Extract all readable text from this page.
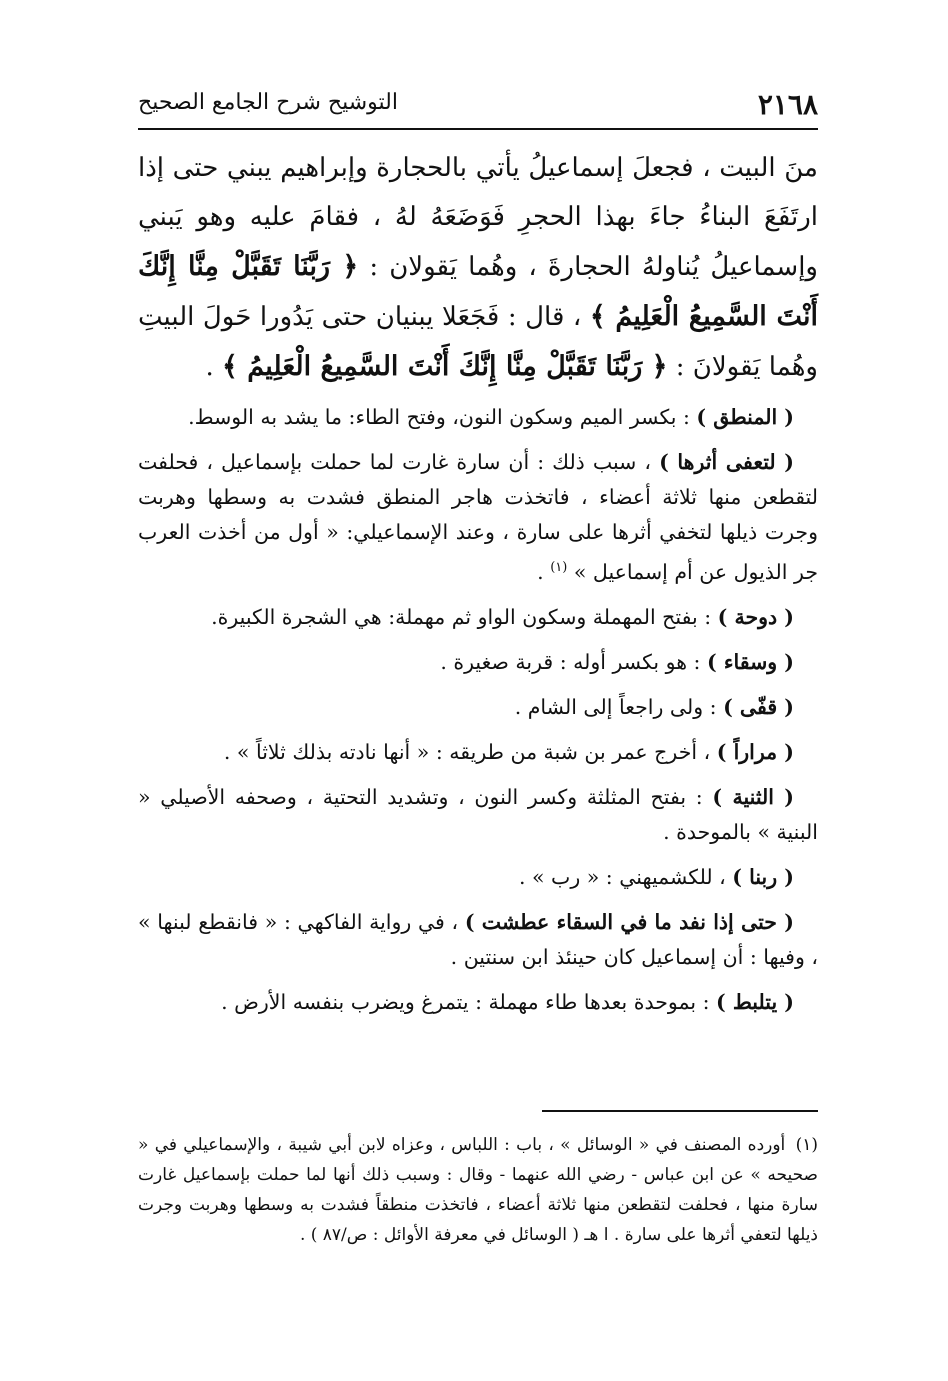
٢١٦٨
التوشيح شرح الجامع الصحيح

منَ البيت ، فجعلَ إسماعيلُ يأتي بالحجارة وإبراهيم يبني حتى إذا ارتَفَعَ البناءُ جاءَ بهذا الحجرِ فَوَضَعَهُ لهُ ، فقامَ عليه وهو يَبني وإسماعيلُ يُناولهُ الحجارةَ ، وهُما يَقولان : ﴿ رَبَّنَا تَقَبَّلْ مِنَّا إِنَّكَ أَنْتَ السَّمِيعُ الْعَلِيمُ ﴾ ، قال : فَجَعَلا يبنيان حتى يَدُورا حَولَ البيتِ وهُما يَقولانَ : ﴿ رَبَّنَا تَقَبَّلْ مِنَّا إِنَّكَ أَنْتَ السَّمِيعُ الْعَلِيمُ ﴾ .

( المنطق ) : بكسر الميم وسكون النون، وفتح الطاء: ما يشد به الوسط.

( لتعفى أثرها ) ، سبب ذلك : أن سارة غارت لما حملت بإسماعيل ، فحلفت لتقطعن منها ثلاثة أعضاء ، فاتخذت هاجر المنطق فشدت به وسطها وهربت وجرت ذيلها لتخفي أثرها على سارة ، وعند الإسماعيلي: « أول من أخذت العرب جر الذيول عن أم إسماعيل » $^{(١)}$ .

( دوحة ) : بفتح المهملة وسكون الواو ثم مهملة: هي الشجرة الكبيرة.

( وسقاء ) : هو بكسر أوله : قربة صغيرة .

( قفّى ) : ولى راجعاً إلى الشام .

( مراراً ) ، أخرج عمر بن شبة من طريقه : « أنها نادته بذلك ثلاثاً » .

( الثنية ) : بفتح المثلثة وكسر النون ، وتشديد التحتية ، وصحفه الأصيلي « البنية » بالموحدة .

( ربنا ) ، للكشميهني : « رب » .

( حتى إذا نفد ما في السقاء عطشت ) ، في رواية الفاكهي : « فانقطع لبنها » ، وفيها : أن إسماعيل كان حينئذ ابن سنتين .

( يتلبط ) : بموحدة بعدها طاء مهملة : يتمرغ ويضرب بنفسه الأرض .

(١) أورده المصنف في « الوسائل » ، باب : اللباس ، وعزاه لابن أبي شيبة ، والإسماعيلي في « صحيحه » عن ابن عباس - رضي الله عنهما - وقال : وسبب ذلك أنها لما حملت بإسماعيل غارت سارة منها ، فحلفت لتقطعن منها ثلاثة أعضاء ، فاتخذت منطقاً فشدت به وسطها وهربت وجرت ذيلها لتعفي أثرها على سارة . ا هـ ( الوسائل في معرفة الأوائل : ص/٨٧ ) .
